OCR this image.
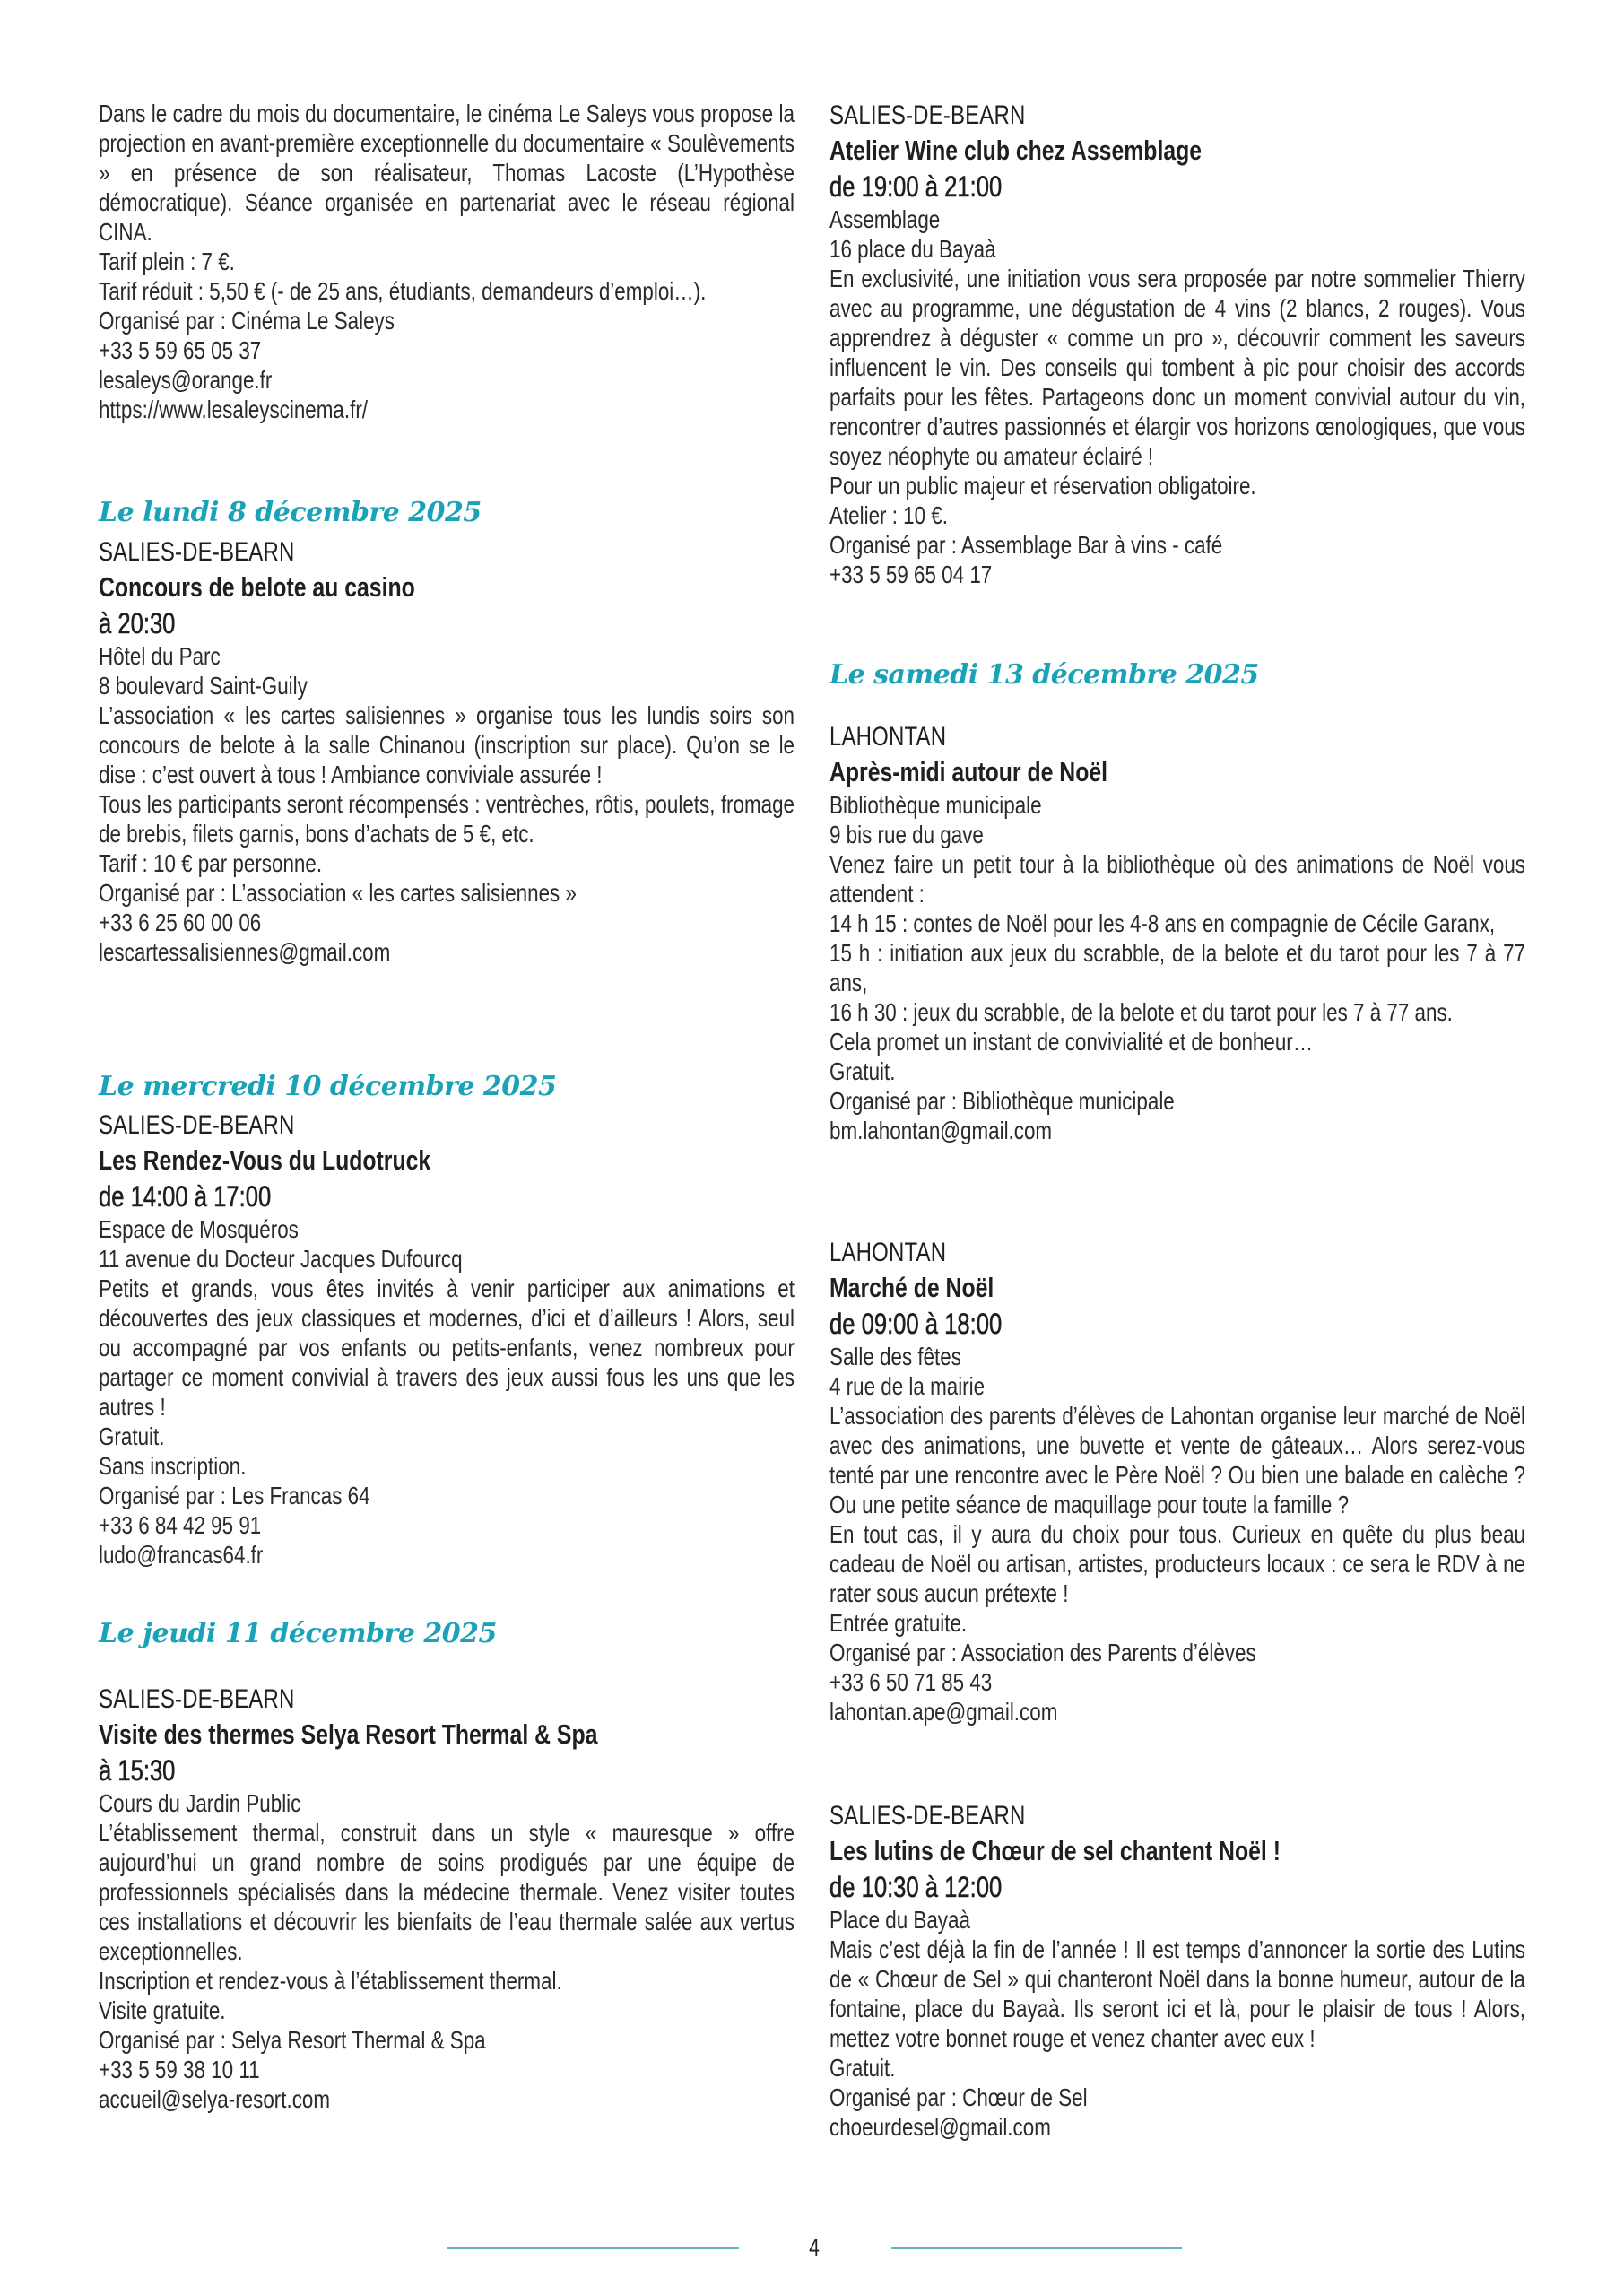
Dans le cadre du mois du documentaire, le cinéma Le Saleys vous propose la projection en avant-première exceptionnelle du documentaire « Soulèvements » en présence de son réalisateur, Thomas Lacoste (L’Hypothèse démocratique). Séance organisée en partenariat avec le réseau régional CINA.
Tarif plein : 7 €.
Tarif réduit : 5,50 € (- de 25 ans, étudiants, demandeurs d’emploi…).
Organisé par : Cinéma Le Saleys
+33 5 59 65 05 37
lesaleys@orange.fr
https://www.lesaleyscinema.fr/
Le lundi 8 décembre 2025
SALIES-DE-BEARN
Concours de belote au casino
à 20:30
Hôtel du Parc
8 boulevard Saint-Guily
L’association « les cartes salisiennes » organise tous les lundis soirs son concours de belote à la salle Chinanou (inscription sur place). Qu’on se le dise : c’est ouvert à tous ! Ambiance conviviale assurée !
Tous les participants seront récompensés : ventrèches, rôtis, poulets, fromage de brebis, filets garnis, bons d’achats de 5 €, etc.
Tarif : 10 € par personne.
Organisé par : L’association « les cartes salisiennes »
+33 6 25 60 00 06
lescartessalisiennes@gmail.com
Le mercredi 10 décembre 2025
SALIES-DE-BEARN
Les Rendez-Vous du Ludotruck
de 14:00 à 17:00
Espace de Mosquéros
11 avenue du Docteur Jacques Dufourcq
Petits et grands, vous êtes invités à venir participer aux animations et découvertes des jeux classiques et modernes, d’ici et d’ailleurs ! Alors, seul ou accompagné par vos enfants ou petits-enfants, venez nombreux pour partager ce moment convivial à travers des jeux aussi fous les uns que les autres !
Gratuit.
Sans inscription.
Organisé par : Les Francas 64
+33 6 84 42 95 91
ludo@francas64.fr
Le jeudi 11 décembre 2025
SALIES-DE-BEARN
Visite des thermes Selya Resort Thermal & Spa
à 15:30
Cours du Jardin Public
L’établissement thermal, construit dans un style « mauresque » offre aujourd’hui un grand nombre de soins prodigués par une équipe de professionnels spécialisés dans la médecine thermale. Venez visiter toutes ces installations et découvrir les bienfaits de l’eau thermale salée aux vertus exceptionnelles.
Inscription et rendez-vous à l’établissement thermal.
Visite gratuite.
Organisé par : Selya Resort Thermal & Spa
+33 5 59 38 10 11
accueil@selya-resort.com
SALIES-DE-BEARN
Atelier Wine club chez Assemblage
de 19:00 à 21:00
Assemblage
16 place du Bayaà
En exclusivité, une initiation vous sera proposée par notre sommelier Thierry avec au programme, une dégustation de 4 vins (2 blancs, 2 rouges). Vous apprendrez à déguster « comme un pro », découvrir comment les saveurs influencent le vin. Des conseils qui tombent à pic pour choisir des accords parfaits pour les fêtes. Partageons donc un moment convivial autour du vin, rencontrer d’autres passionnés et élargir vos horizons œnologiques, que vous soyez néophyte ou amateur éclairé !
Pour un public majeur et réservation obligatoire.
Atelier : 10 €.
Organisé par : Assemblage Bar à vins - café
+33 5 59 65 04 17
Le samedi 13 décembre 2025
LAHONTAN
Après-midi autour de Noël
Bibliothèque municipale
9 bis rue du gave
Venez faire un petit tour à la bibliothèque où des animations de Noël vous attendent :
14 h 15 : contes de Noël pour les 4-8 ans en compagnie de Cécile Garanx,
15 h : initiation aux jeux du scrabble, de la belote et du tarot pour les 7 à 77 ans,
16 h 30 : jeux du scrabble, de la belote et du tarot pour les 7 à 77 ans.
Cela promet un instant de convivialité et de bonheur…
Gratuit.
Organisé par : Bibliothèque municipale
bm.lahontan@gmail.com
LAHONTAN
Marché de Noël
de 09:00 à 18:00
Salle des fêtes
4 rue de la mairie
L’association des parents d’élèves de Lahontan organise leur marché de Noël avec des animations, une buvette et vente de gâteaux… Alors serez-vous tenté par une rencontre avec le Père Noël ? Ou bien une balade en calèche ? Ou une petite séance de maquillage pour toute la famille ?
En tout cas, il y aura du choix pour tous. Curieux en quête du plus beau cadeau de Noël ou artisan, artistes, producteurs locaux : ce sera le RDV à ne rater sous aucun prétexte !
Entrée gratuite.
Organisé par : Association des Parents d’élèves
+33 6 50 71 85 43
lahontan.ape@gmail.com
SALIES-DE-BEARN
Les lutins de Chœur de sel chantent Noël !
de 10:30 à 12:00
Place du Bayaà
Mais c’est déjà la fin de l’année ! Il est temps d’annoncer la sortie des Lutins de « Chœur de Sel » qui chanteront Noël dans la bonne humeur, autour de la fontaine, place du Bayaà. Ils seront ici et là, pour le plaisir de tous ! Alors, mettez votre bonnet rouge et venez chanter avec eux !
Gratuit.
Organisé par : Chœur de Sel
choeurdesel@gmail.com
4
